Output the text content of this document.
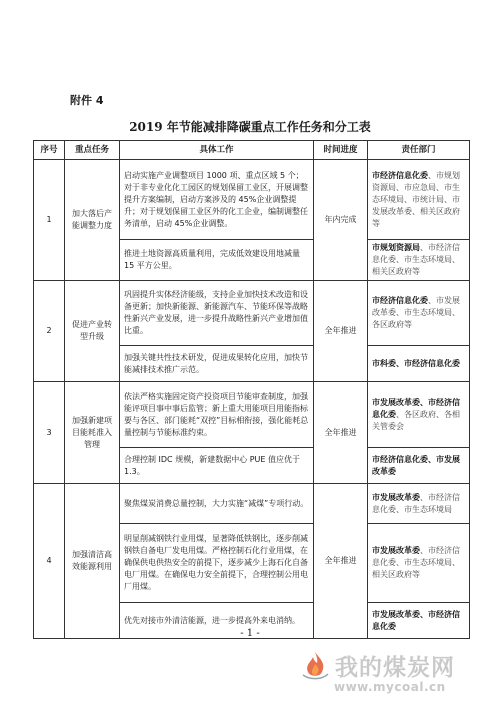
附件 4
2019 年节能减排降碳重点工作任务和分工表
序号	重点任务	具体工作	时间进度	责任部门
1	加大落后产能调整力度	启动实施产业调整项目 1000 项、重点区域 5 个；对于非专业化化工园区的规划保留工业区，开展调整提升方案编制，启动方案涉及的 45%企业调整提升；对于规划保留工业区外的化工企业，编制调整任务清单，启动 45%企业调整。	年内完成	市经济信息化委、市规划资源局、市应急局、市生态环境局、市统计局、市发展改革委、相关区政府等
		推进土地资源高质量利用，完成低效建设用地减量 15 平方公里。		市规划资源局、市经济信息化委、市生态环境局、相关区政府等
2	促进产业转型升级	巩固提升实体经济能级，支持企业加快技术改造和设备更新；加快新能源、新能源汽车、节能环保等战略性新兴产业发展，进一步提升战略性新兴产业增加值比重。	全年推进	市经济信息化委、市发展改革委、市生态环境局、各区政府等
		加强关键共性技术研发，促进成果转化应用，加快节能减排技术推广示范。		市科委、市经济信息化委
3	加强新建项目能耗准入管理	依法严格实施固定资产投资项目节能审查制度，加强能评项目事中事后监管；新上重大用能项目用能指标要与各区、部门能耗“双控”目标相衔接，强化能耗总量控制与节能标准约束。	全年推进	市发展改革委、市经济信息化委、各区政府、各相关管委会
		合理控制 IDC 规模，新建数据中心 PUE 值应优于 1.3。		市经济信息化委、市发展改革委
4	加强清洁高效能源利用	聚焦煤炭消费总量控制，大力实施“减煤”专项行动。	全年推进	市发展改革委、市经济信息化委、市生态环境局
		明显削减钢铁行业用煤，显著降低铁钢比，逐步削减钢铁自备电厂发电用煤。严格控制石化行业用煤，在确保供电供热安全的前提下，逐步减少上海石化自备电厂用煤。在确保电力安全前提下，合理控制公用电厂用煤。		市发展改革委、市经济信息化委、市生态环境局、相关区政府等
		优先对接市外清洁能源，进一步提高外来电消纳。		市发展改革委、市经济信息化委
- 1 -
我的煤炭网
www.mycoal.cn
